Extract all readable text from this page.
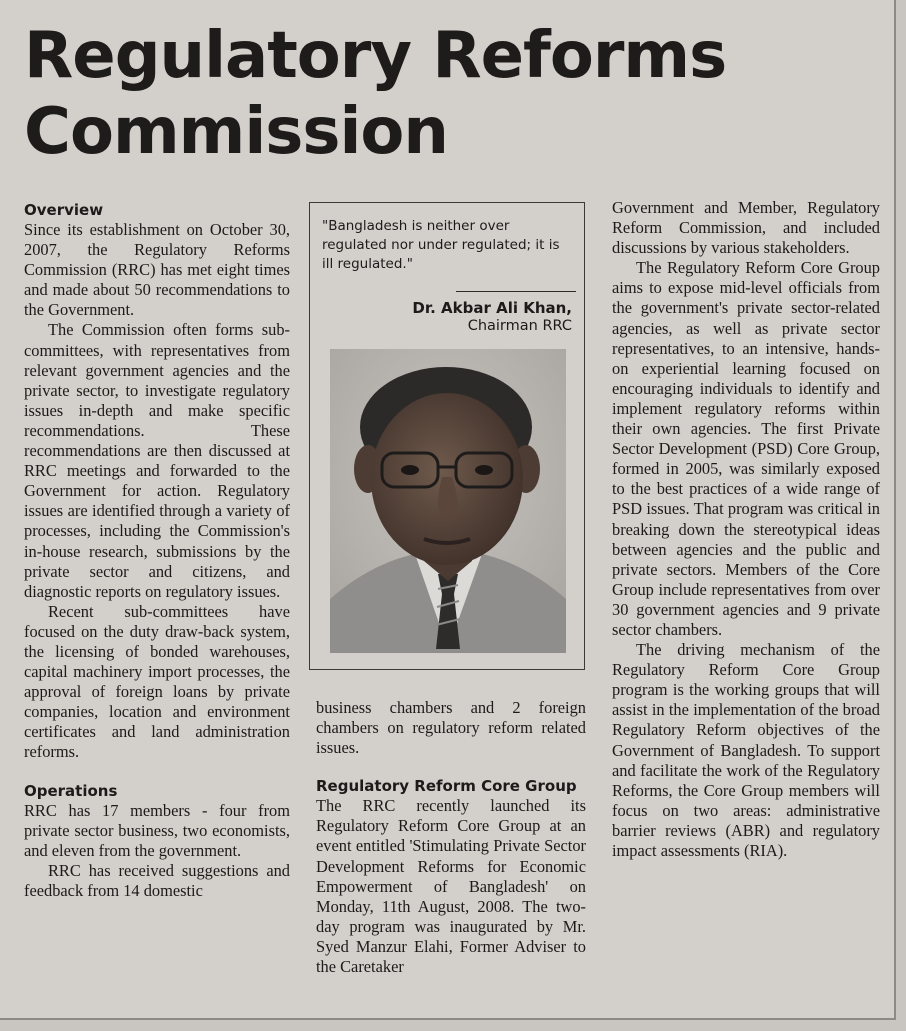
Regulatory Reforms
Commission
Overview

Since its establishment on October 30, 2007, the Regulatory Reforms Commission (RRC) has met eight times and made about 50 recommendations to the Government.

The Commission often forms sub-committees, with representatives from relevant government agencies and the private sector, to investigate regulatory issues in-depth and make specific recommendations. These recommendations are then discussed at RRC meetings and forwarded to the Government for action. Regulatory issues are identified through a variety of processes, including the Commission's in-house research, submissions by the private sector and citizens, and diagnostic reports on regulatory issues.

Recent sub-committees have focused on the duty draw-back system, the licensing of bonded warehouses, capital machinery import processes, the approval of foreign loans by private companies, location and environment certificates and land administration reforms.

Operations

RRC has 17 members - four from private sector business, two economists, and eleven from the government.

RRC has received suggestions and feedback from 14 domestic

"Bangladesh is neither over regulated nor under regulated; it is ill regulated."
Dr. Akbar Ali Khan,
Chairman RRC

business chambers and 2 foreign chambers on regulatory reform related issues.

Regulatory Reform Core Group

The RRC recently launched its Regulatory Reform Core Group at an event entitled 'Stimulating Private Sector Development Reforms for Economic Empowerment of Bangladesh' on Monday, 11th August, 2008. The two-day program was inaugurated by Mr. Syed Manzur Elahi, Former Adviser to the Caretaker

Government and Member, Regulatory Reform Commission, and included discussions by various stakeholders.

The Regulatory Reform Core Group aims to expose mid-level officials from the government's private sector-related agencies, as well as private sector representatives, to an intensive, hands-on experiential learning focused on encouraging individuals to identify and implement regulatory reforms within their own agencies. The first Private Sector Development (PSD) Core Group, formed in 2005, was similarly exposed to the best practices of a wide range of PSD issues. That program was critical in breaking down the stereotypical ideas between agencies and the public and private sectors. Members of the Core Group include representatives from over 30 government agencies and 9 private sector chambers.

The driving mechanism of the Regulatory Reform Core Group program is the working groups that will assist in the implementation of the broad Regulatory Reform objectives of the Government of Bangladesh. To support and facilitate the work of the Regulatory Reforms, the Core Group members will focus on two areas: administrative barrier reviews (ABR) and regulatory impact assessments (RIA).
